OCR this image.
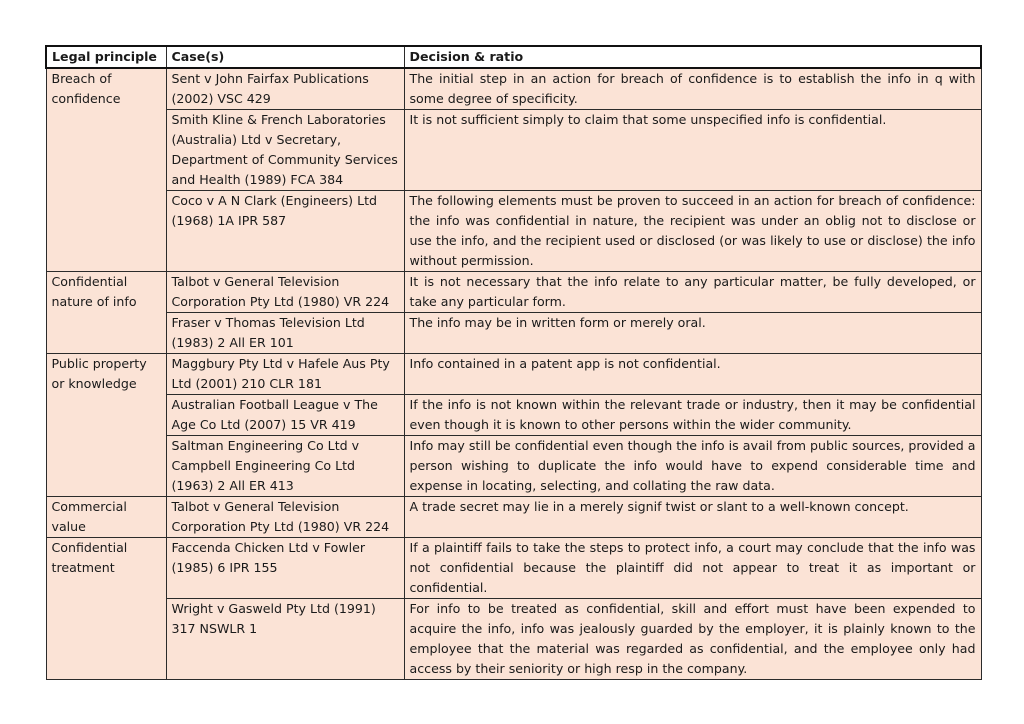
Legal principle	Case(s)	Decision & ratio
Breach of confidence	Sent v John Fairfax Publications (2002) VSC 429	The initial step in an action for breach of confidence is to establish the info in q with some degree of specificity.
	Smith Kline & French Laboratories (Australia) Ltd v Secretary, Department of Community Services and Health (1989) FCA 384	It is not sufficient simply to claim that some unspecified info is confidential.
	Coco v A N Clark (Engineers) Ltd (1968) 1A IPR 587	The following elements must be proven to succeed in an action for breach of confidence: the info was confidential in nature, the recipient was under an oblig not to disclose or use the info, and the recipient used or disclosed (or was likely to use or disclose) the info without permission.
Confidential nature of info	Talbot v General Television Corporation Pty Ltd (1980) VR 224	It is not necessary that the info relate to any particular matter, be fully developed, or take any particular form.
	Fraser v Thomas Television Ltd (1983) 2 All ER 101	The info may be in written form or merely oral.
Public property or knowledge	Maggbury Pty Ltd v Hafele Aus Pty Ltd (2001) 210 CLR 181	Info contained in a patent app is not confidential.
	Australian Football League v The Age Co Ltd (2007) 15 VR 419	If the info is not known within the relevant trade or industry, then it may be confidential even though it is known to other persons within the wider community.
	Saltman Engineering Co Ltd v Campbell Engineering Co Ltd (1963) 2 All ER 413	Info may still be confidential even though the info is avail from public sources, provided a person wishing to duplicate the info would have to expend considerable time and expense in locating, selecting, and collating the raw data.
Commercial value	Talbot v General Television Corporation Pty Ltd (1980) VR 224	A trade secret may lie in a merely signif twist or slant to a well-known concept.
Confidential treatment	Faccenda Chicken Ltd v Fowler (1985) 6 IPR 155	If a plaintiff fails to take the steps to protect info, a court may conclude that the info was not confidential because the plaintiff did not appear to treat it as important or confidential.
	Wright v Gasweld Pty Ltd (1991) 317 NSWLR 1	For info to be treated as confidential, skill and effort must have been expended to acquire the info, info was jealously guarded by the employer, it is plainly known to the employee that the material was regarded as confidential, and the employee only had access by their seniority or high resp in the company.
